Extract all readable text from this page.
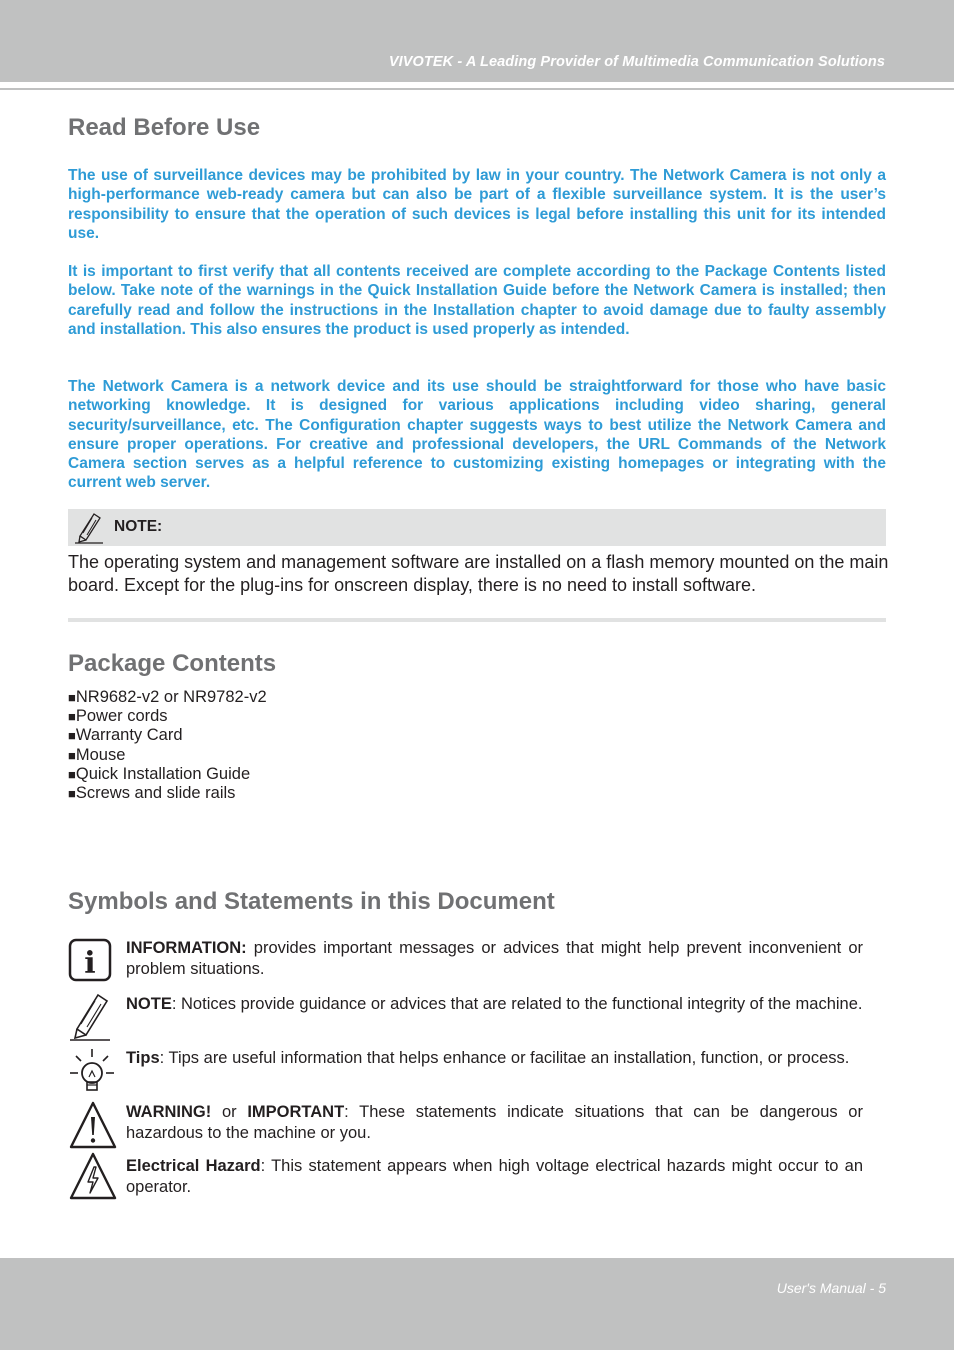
VIVOTEK - A Leading Provider of Multimedia Communication Solutions
Read Before Use

The use of surveillance devices may be prohibited by law in your country. The Network Camera is not only a high-performance web-ready camera but can also be part of a flexible surveillance system. It is the user’s responsibility to ensure that the operation of such devices is legal before installing this unit for its intended use.

It is important to first verify that all contents received are complete according to the Package Contents listed below. Take note of the warnings in the Quick Installation Guide before the Network Camera is installed; then carefully read and follow the instructions in the Installation chapter to avoid damage due to faulty assembly and installation. This also ensures the product is used properly as intended.

The Network Camera is a network device and its use should be straightforward for those who have basic networking knowledge. It is designed for various applications including video sharing, general security/surveillance, etc. The Configuration chapter suggests ways to best utilize the Network Camera and ensure proper operations. For creative and professional developers, the URL Commands of the Network Camera section serves as a helpful reference to customizing existing homepages or integrating with the current web server.

NOTE:

The operating system and management software are installed on a flash memory mounted on the main board. Except for the plug-ins for onscreen display, there is no need to install software.

Package Contents
■ NR9682-v2 or NR9782-v2
■ Power cords
■ Warranty Card
■ Mouse
■ Quick Installation Guide
■ Screws and slide rails
Symbols and Statements in this Document
i INFORMATION: provides important messages or advices that might help prevent inconvenient or problem situations.

NOTE: Notices provide guidance or advices that are related to the functional integrity of the machine.

Tips: Tips are useful information that helps enhance or facilitae an installation, function, or process.

WARNING! or IMPORTANT: These statements indicate situations that can be dangerous or hazardous to the machine or you.

Electrical Hazard: This statement appears when high voltage electrical hazards might occur to an operator.

User's Manual - 5
